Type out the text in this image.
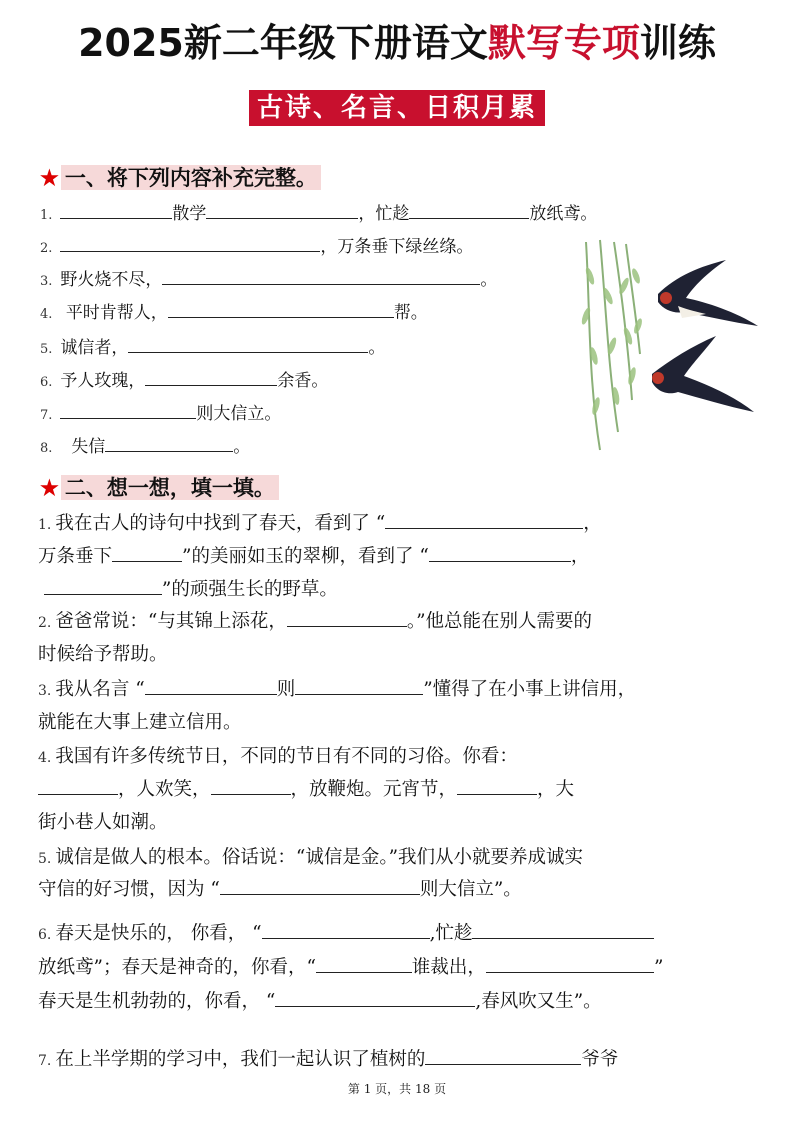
2025新二年级下册语文默写专项训练
古诗、名言、日积月累
★ 一、将下列内容补充完整。
1.	散学	，忙趁	放纸鸢。
2.	，万条垂下绿丝绦。
3. 野火烧不尽，	。
4. 平时肯帮人，	帮。
5. 诚信者，	。
6. 予人玫瑰，	余香。
7.	则大信立。
8. 失信	。
★ 二、想一想，填一填。
1. 我在古人的诗句中找到了春天，看到了 “	，
万条垂下	”的美丽如玉的翠柳，看到了 “	，
”的顽强生长的野草。
2. 爸爸常说：“与其锦上添花，	。”他总能在别人需要的
时候给予帮助。
3. 我从名言 “	则	”懂得了在小事上讲信用，
就能在大事上建立信用。
4. 我国有许多传统节日，不同的节日有不同的习俗。你看：
，人欢笑，	，放鞭炮。元宵节，	，大
街小巷人如潮。
5. 诚信是做人的根本。俗话说：“诚信是金。”我们从小就要养成诚实
守信的好习惯，因为 “	则大信立”。
6. 春天是快乐的， 你看， “	,忙趁
放纸鸢”；春天是神奇的，你看，“	谁裁出，	”
春天是生机勃勃的，你看， “	,春风吹又生”。
7. 在上半学期的学习中，我们一起认识了植树的	爷爷
第 1 页，共 18 页
